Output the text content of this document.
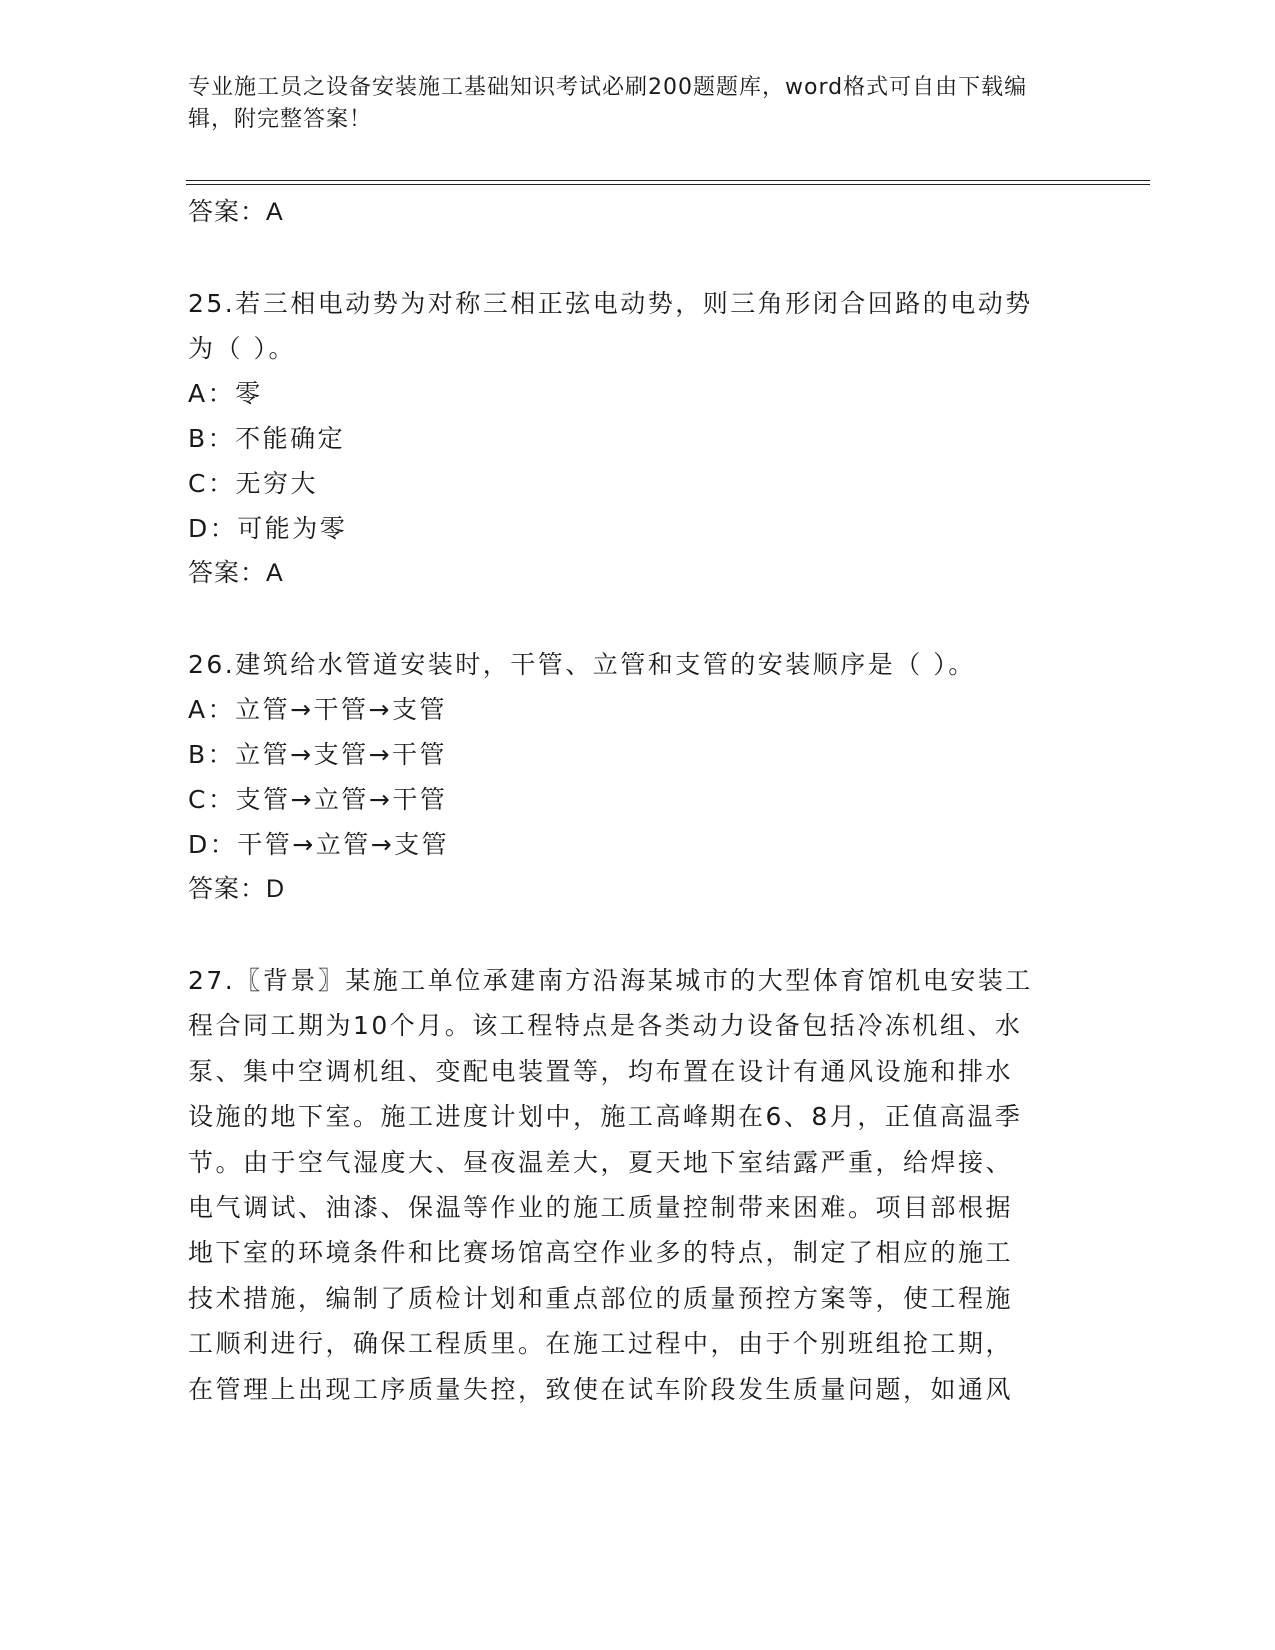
专业施工员之设备安装施工基础知识考试必刷200题题库，word格式可自由下载编辑，附完整答案！
答案：A
25.若三相电动势为对称三相正弦电动势，则三角形闭合回路的电动势
为（ ）。
A：零
B：不能确定
C：无穷大
D：可能为零
答案：A
26.建筑给水管道安装时，干管、立管和支管的安装顺序是（ ）。
A：立管→干管→支管
B：立管→支管→干管
C：支管→立管→干管
D：干管→立管→支管
答案：D
27.〖背景〗某施工单位承建南方沿海某城市的大型体育馆机电安装工
程合同工期为10个月。该工程特点是各类动力设备包括冷冻机组、水
泵、集中空调机组、变配电装置等，均布置在设计有通风设施和排水
设施的地下室。施工进度计划中，施工高峰期在6、8月，正值高温季
节。由于空气湿度大、昼夜温差大，夏天地下室结露严重，给焊接、
电气调试、油漆、保温等作业的施工质量控制带来困难。项目部根据
地下室的环境条件和比赛场馆高空作业多的特点，制定了相应的施工
技术措施，编制了质检计划和重点部位的质量预控方案等，使工程施
工顺利进行，确保工程质里。在施工过程中，由于个别班组抢工期，
在管理上出现工序质量失控，致使在试车阶段发生质量问题，如通风
